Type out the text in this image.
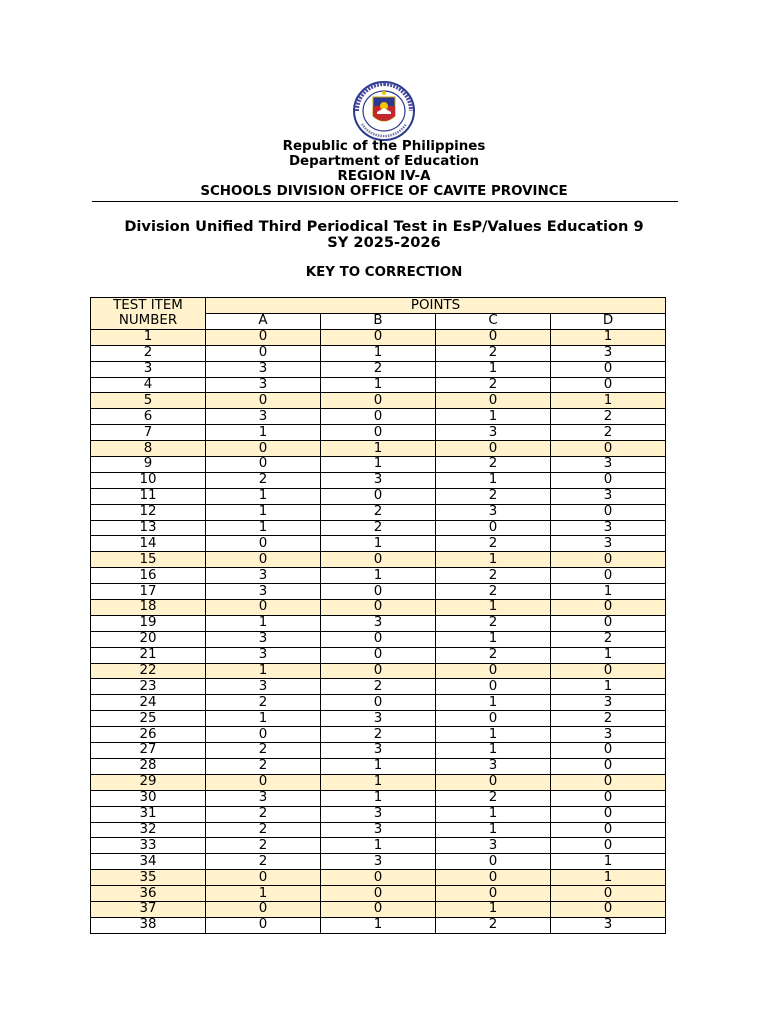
Republic of the Philippines
Department of Education
REGION IV-A
SCHOOLS DIVISION OFFICE OF CAVITE PROVINCE
Division Unified Third Periodical Test in EsP/Values Education 9
SY 2025-2026
KEY TO CORRECTION
TEST ITEM
NUMBER	POINTS			
	A	B	C	D
1	0	0	0	1
2	0	1	2	3
3	3	2	1	0
4	3	1	2	0
5	0	0	0	1
6	3	0	1	2
7	1	0	3	2
8	0	1	0	0
9	0	1	2	3
10	2	3	1	0
11	1	0	2	3
12	1	2	3	0
13	1	2	0	3
14	0	1	2	3
15	0	0	1	0
16	3	1	2	0
17	3	0	2	1
18	0	0	1	0
19	1	3	2	0
20	3	0	1	2
21	3	0	2	1
22	1	0	0	0
23	3	2	0	1
24	2	0	1	3
25	1	3	0	2
26	0	2	1	3
27	2	3	1	0
28	2	1	3	0
29	0	1	0	0
30	3	1	2	0
31	2	3	1	0
32	2	3	1	0
33	2	1	3	0
34	2	3	0	1
35	0	0	0	1
36	1	0	0	0
37	0	0	1	0
38	0	1	2	3
